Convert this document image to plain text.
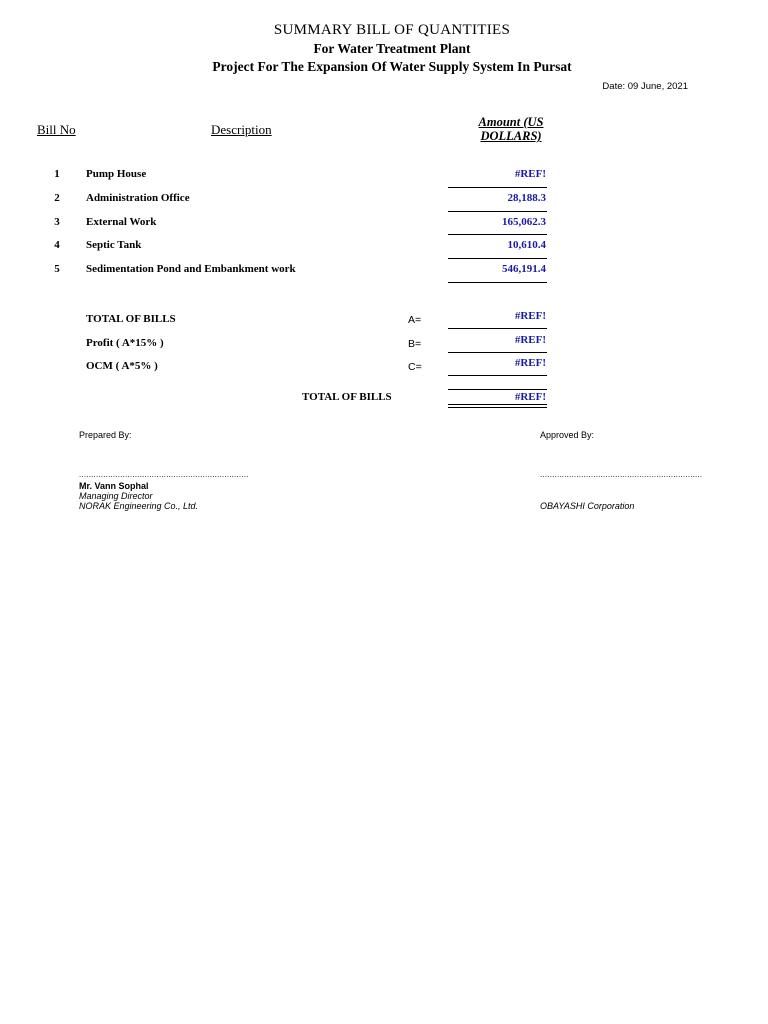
SUMMARY BILL OF QUANTITIES
For Water Treatment Plant
Project For The Expansion Of Water Supply System In Pursat
Date: 09 June, 2021
Bill No	Description	Amount (US
DOLLARS)
1	Pump House	#REF!
2	Administration Office	28,188.3
3	External Work	165,062.3
4	Septic Tank	10,610.4
5	Sedimentation Pond and Embankment work	546,191.4
TOTAL OF BILLS	A=	#REF!
Profit ( A*15% )	B=	#REF!
OCM ( A*5% )	C=	#REF!
TOTAL OF BILLS	#REF!
Prepared By:	Approved By:
......................................................................	...................................................................
Mr. Vann Sophal
Managing Director
NORAK Engineering Co., Ltd.	OBAYASHI Corporation
